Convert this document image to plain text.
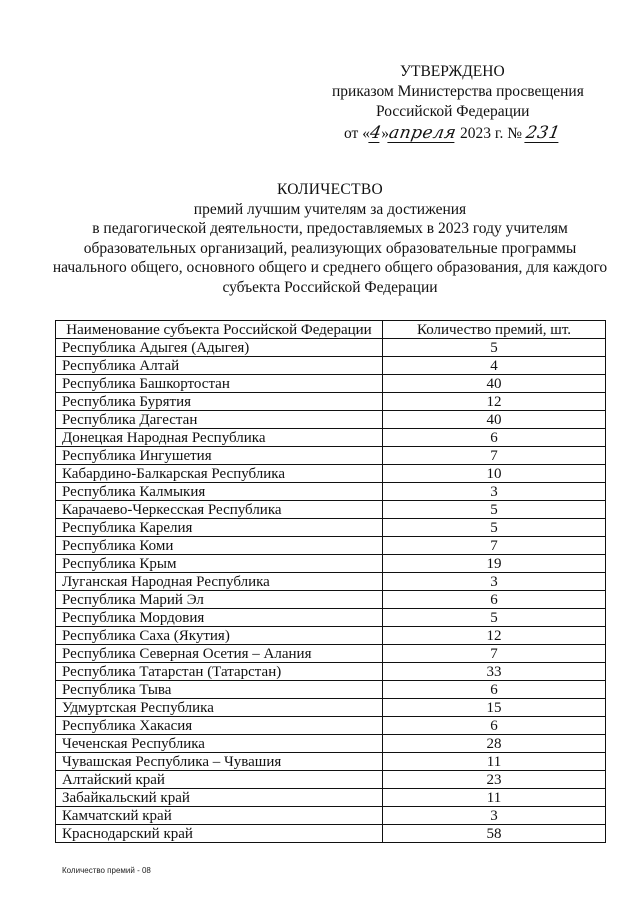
УТВЕРЖДЕНО
приказом Министерства просвещения
Российской Федерации
от «4»апреля 2023 г. № 231
КОЛИЧЕСТВО
премий лучшим учителям за достижения
в педагогической деятельности, предоставляемых в 2023 году учителям
образовательных организаций, реализующих образовательные программы
начального общего, основного общего и среднего общего образования, для каждого
субъекта Российской Федерации
Наименование субъекта Российской Федерации	Количество премий, шт.
Республика Адыгея (Адыгея)	5
Республика Алтай	4
Республика Башкортостан	40
Республика Бурятия	12
Республика Дагестан	40
Донецкая Народная Республика	6
Республика Ингушетия	7
Кабардино-Балкарская Республика	10
Республика Калмыкия	3
Карачаево-Черкесская Республика	5
Республика Карелия	5
Республика Коми	7
Республика Крым	19
Луганская Народная Республика	3
Республика Марий Эл	6
Республика Мордовия	5
Республика Саха (Якутия)	12
Республика Северная Осетия – Алания	7
Республика Татарстан (Татарстан)	33
Республика Тыва	6
Удмуртская Республика	15
Республика Хакасия	6
Чеченская Республика	28
Чувашская Республика – Чувашия	11
Алтайский край	23
Забайкальский край	11
Камчатский край	3
Краснодарский край	58
Количество премий - 08
